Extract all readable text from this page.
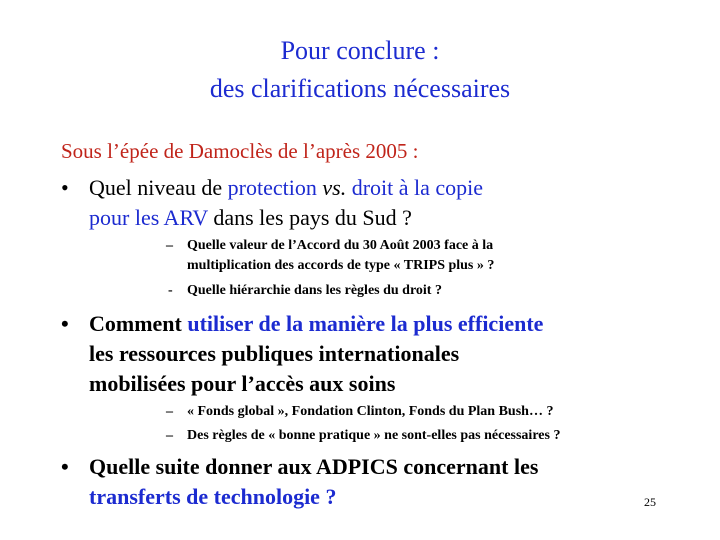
Pour conclure :
des clarifications nécessaires
Sous l’épée de Damoclès de l’après 2005 :
• Quel niveau de protection vs. droit à la copie
pour les ARV dans les pays du Sud ?
– Quelle valeur de l’Accord du 30 Août 2003 face à la
multiplication des accords de type « TRIPS plus » ?
- Quelle hiérarchie dans les règles du droit ?
• Comment utiliser de la manière la plus efficiente
les ressources publiques internationales
mobilisées pour l’accès aux soins
– « Fonds global », Fondation Clinton, Fonds du Plan Bush… ?
– Des règles de « bonne pratique » ne sont-elles pas nécessaires ?
• Quelle suite donner aux ADPICS concernant les
transferts de technologie ?	25
